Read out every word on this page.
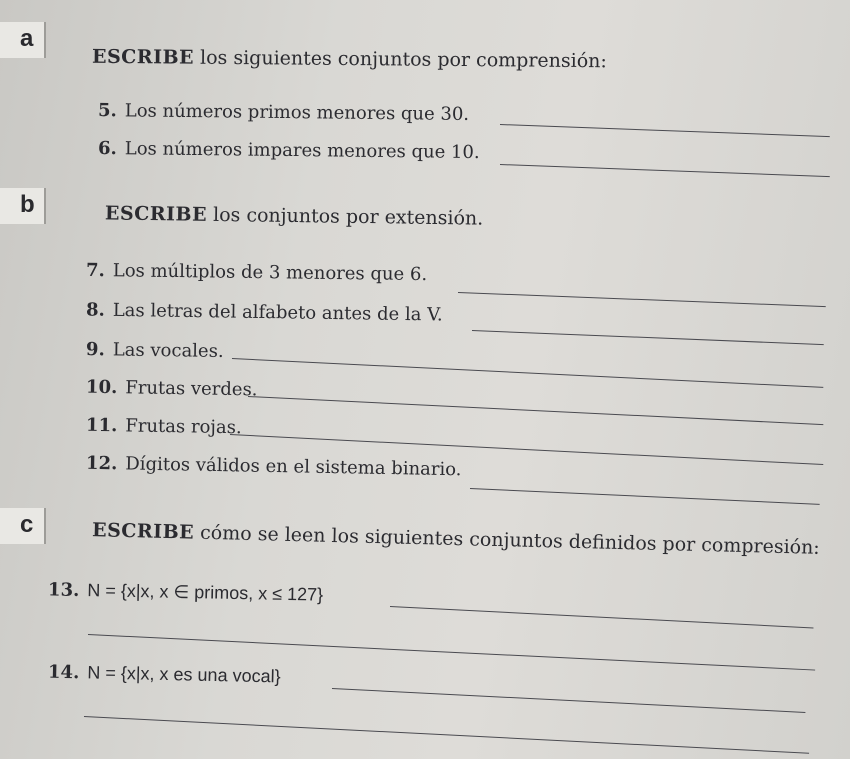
a
ESCRIBE los siguientes conjuntos por comprensión:
5. Los números primos menores que 30.
6. Los números impares menores que 10.
b	ESCRIBE los conjuntos por extensión.
7. Los múltiplos de 3 menores que 6.
8. Las letras del alfabeto antes de la V.
9. Las vocales.
10. Frutas verdes.
11. Frutas rojas.
12. Dígitos válidos en el sistema binario.
c	ESCRIBE cómo se leen los siguientes conjuntos definidos por compresión:
13. N = {x|x, x ∈ primos, x ≤ 127}
14. N = {x|x, x es una vocal}
